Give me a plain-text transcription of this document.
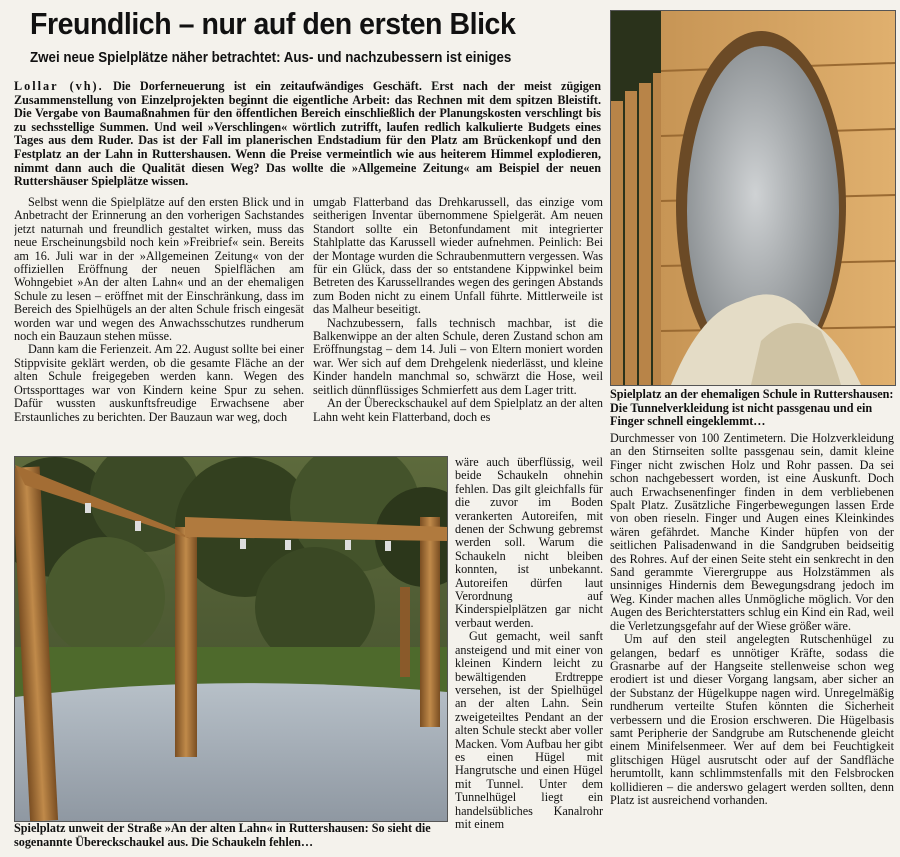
Freundlich – nur auf den ersten Blick
Zwei neue Spielplätze näher betrachtet: Aus- und nachzubessern ist einiges

Lollar (vh). Die Dorferneuerung ist ein zeitaufwändiges Geschäft. Erst nach der meist zügigen Zusammenstellung von Einzelprojekten beginnt die eigentliche Arbeit: das Rechnen mit dem spitzen Bleistift. Die Vergabe von Baumaßnahmen für den öffentlichen Bereich einschließlich der Planungskosten verschlingt bis zu sechsstellige Summen. Und weil »Verschlingen« wörtlich zutrifft, laufen redlich kalkulierte Budgets eines Tages aus dem Ruder. Das ist der Fall im planerischen Endstadium für den Platz am Brückenkopf und den Festplatz an der Lahn in Ruttershausen. Wenn die Preise vermeintlich wie aus heiterem Himmel explodieren, nimmt dann auch die Qualität diesen Weg? Das wollte die »Allgemeine Zeitung« am Beispiel der neuen Ruttershäuser Spielplätze wissen.

Selbst wenn die Spielplätze auf den ersten Blick und in Anbetracht der Erinnerung an den vorherigen Sachstandes jetzt naturnah und freundlich gestaltet wirken, muss das neue Erscheinungsbild noch kein »Freibrief« sein. Bereits am 16. Juli war in der »Allgemeinen Zeitung« von der offiziellen Eröffnung der neuen Spielflächen am Wohngebiet »An der alten Lahn« und an der ehemaligen Schule zu lesen – eröffnet mit der Einschränkung, dass im Bereich des Spielhügels an der alten Schule frisch eingesät worden war und wegen des Anwachsschutzes rundherum noch ein Bauzaun stehen müsse.

Dann kam die Ferienzeit. Am 22. August sollte bei einer Stippvisite geklärt werden, ob die gesamte Fläche an der alten Schule freigegeben werden kann. Wegen des Ortssporttages war von Kindern keine Spur zu sehen. Dafür wussten auskunftsfreudige Erwachsene aber Erstaunliches zu berichten. Der Bauzaun war weg, doch

umgab Flatterband das Drehkarussell, das einzige vom seitherigen Inventar übernommene Spielgerät. Am neuen Standort sollte ein Betonfundament mit integrierter Stahlplatte das Karussell wieder aufnehmen. Peinlich: Bei der Montage wurden die Schraubenmuttern vergessen. Was für ein Glück, dass der so entstandene Kippwinkel beim Betreten des Karussellrandes wegen des geringen Abstands zum Boden nicht zu einem Unfall führte. Mittlerweile ist das Malheur beseitigt.

Nachzubessern, falls technisch machbar, ist die Balkenwippe an der alten Schule, deren Zustand schon am Eröffnungstag – dem 14. Juli – von Eltern moniert worden war. Wer sich auf dem Drehgelenk niederlässt, und kleine Kinder handeln manchmal so, schwärzt die Hose, weil seitlich dünnflüssiges Schmierfett aus dem Lager tritt.

An der Übereckschaukel auf dem Spielplatz an der alten Lahn weht kein Flatterband, doch es

wäre auch überflüssig, weil beide Schaukeln ohnehin fehlen. Das gilt gleichfalls für die zuvor im Boden verankerten Autoreifen, mit denen der Schwung gebremst werden soll. Warum die Schaukeln nicht bleiben konnten, ist unbekannt. Autoreifen dürfen laut Verordnung auf Kinderspielplätzen gar nicht verbaut werden.

Gut gemacht, weil sanft ansteigend und mit einer von kleinen Kindern leicht zu bewältigenden Erdtreppe versehen, ist der Spielhügel an der alten Lahn. Sein zweigeteiltes Pendant an der alten Schule steckt aber voller Macken. Vom Aufbau her gibt es einen Hügel mit Hangrutsche und einen Hügel mit Tunnel. Unter dem Tunnelhügel liegt ein handelsübliches Kanalrohr mit einem

Durchmesser von 100 Zentimetern. Die Holzverkleidung an den Stirnseiten sollte passgenau sein, damit kleine Finger nicht zwischen Holz und Rohr passen. Da sei schon nachgebessert worden, ist eine Auskunft. Doch auch Erwachsenenfinger finden in dem verbliebenen Spalt Platz. Zusätzliche Fingerbewegungen lassen Erde von oben rieseln. Finger und Augen eines Kleinkindes wären gefährdet. Manche Kinder hüpfen von der seitlichen Palisadenwand in die Sandgruben beidseitig des Rohres. Auf der einen Seite steht ein senkrecht in den Sand gerammte Vierergruppe aus Holzstämmen als unsinniges Hindernis dem Bewegungsdrang jedoch im Weg. Kinder machen alles Unmögliche möglich. Vor den Augen des Berichterstatters schlug ein Kind ein Rad, weil die Verletzungsgefahr auf der Wiese größer wäre.

Um auf den steil angelegten Rutschenhügel zu gelangen, bedarf es unnötiger Kräfte, sodass die Grasnarbe auf der Hangseite stellenweise schon weg erodiert ist und dieser Vorgang langsam, aber sicher an der Substanz der Hügelkuppe nagen wird. Unregelmäßig rundherum verteilte Stufen könnten die Sicherheit verbessern und die Erosion erschweren. Die Hügelbasis samt Peripherie der Sandgrube am Rutschenende gleicht einem Minifelsenmeer. Wer auf dem bei Feuchtigkeit glitschigen Hügel ausrutscht oder auf der Sandfläche herumtollt, kann schlimmstenfalls mit den Felsbrocken kollidieren – die anderswo gelagert werden sollten, denn Platz ist ausreichend vorhanden.

Spielplatz unweit der Straße »An der alten Lahn« in Ruttershausen: So sieht die sogenannte Übereckschaukel aus. Die Schaukeln fehlen…

Spielplatz an der ehemaligen Schule in Ruttershausen: Die Tunnelverkleidung ist nicht passgenau und ein Finger schnell eingeklemmt…
